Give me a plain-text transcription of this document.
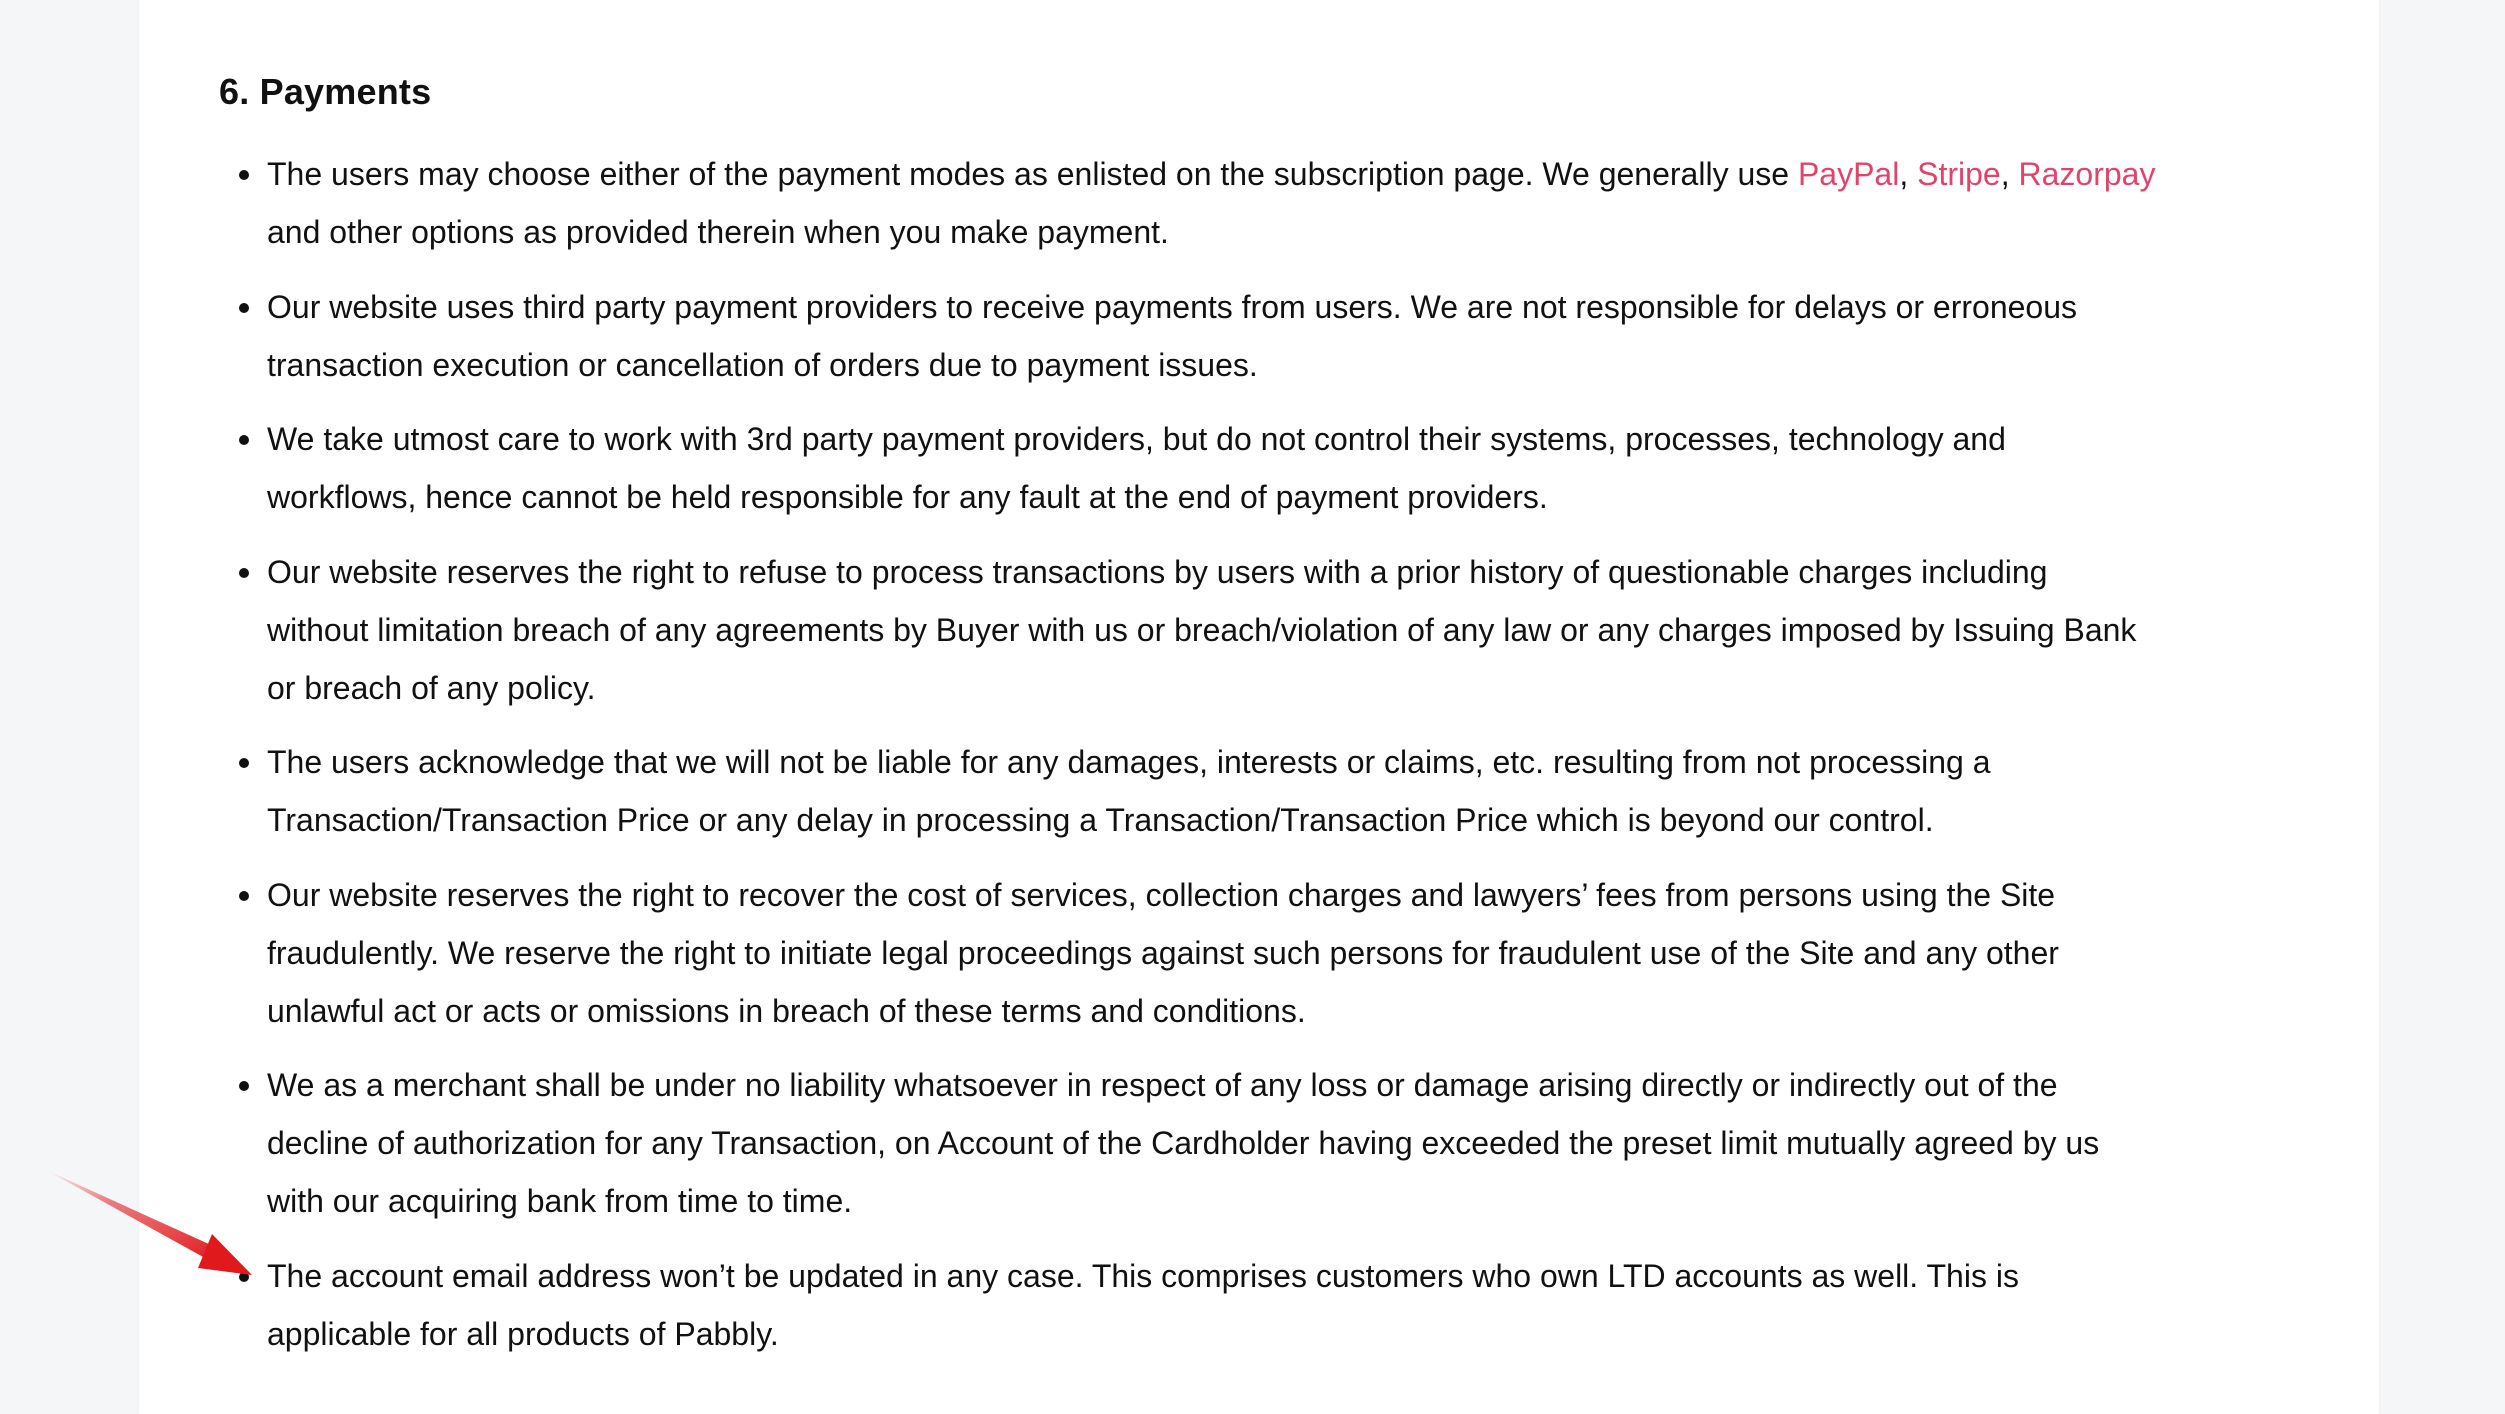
6. Payments
The users may choose either of the payment modes as enlisted on the subscription page. We generally use PayPal, Stripe, Razorpay
and other options as provided therein when you make payment.
Our website uses third party payment providers to receive payments from users. We are not responsible for delays or erroneous
transaction execution or cancellation of orders due to payment issues.
We take utmost care to work with 3rd party payment providers, but do not control their systems, processes, technology and
workflows, hence cannot be held responsible for any fault at the end of payment providers.
Our website reserves the right to refuse to process transactions by users with a prior history of questionable charges including
without limitation breach of any agreements by Buyer with us or breach/violation of any law or any charges imposed by Issuing Bank
or breach of any policy.
The users acknowledge that we will not be liable for any damages, interests or claims, etc. resulting from not processing a
Transaction/Transaction Price or any delay in processing a Transaction/Transaction Price which is beyond our control.
Our website reserves the right to recover the cost of services, collection charges and lawyers’ fees from persons using the Site
fraudulently. We reserve the right to initiate legal proceedings against such persons for fraudulent use of the Site and any other
unlawful act or acts or omissions in breach of these terms and conditions.
We as a merchant shall be under no liability whatsoever in respect of any loss or damage arising directly or indirectly out of the
decline of authorization for any Transaction, on Account of the Cardholder having exceeded the preset limit mutually agreed by us
with our acquiring bank from time to time.
The account email address won’t be updated in any case. This comprises customers who own LTD accounts as well. This is
applicable for all products of Pabbly.
